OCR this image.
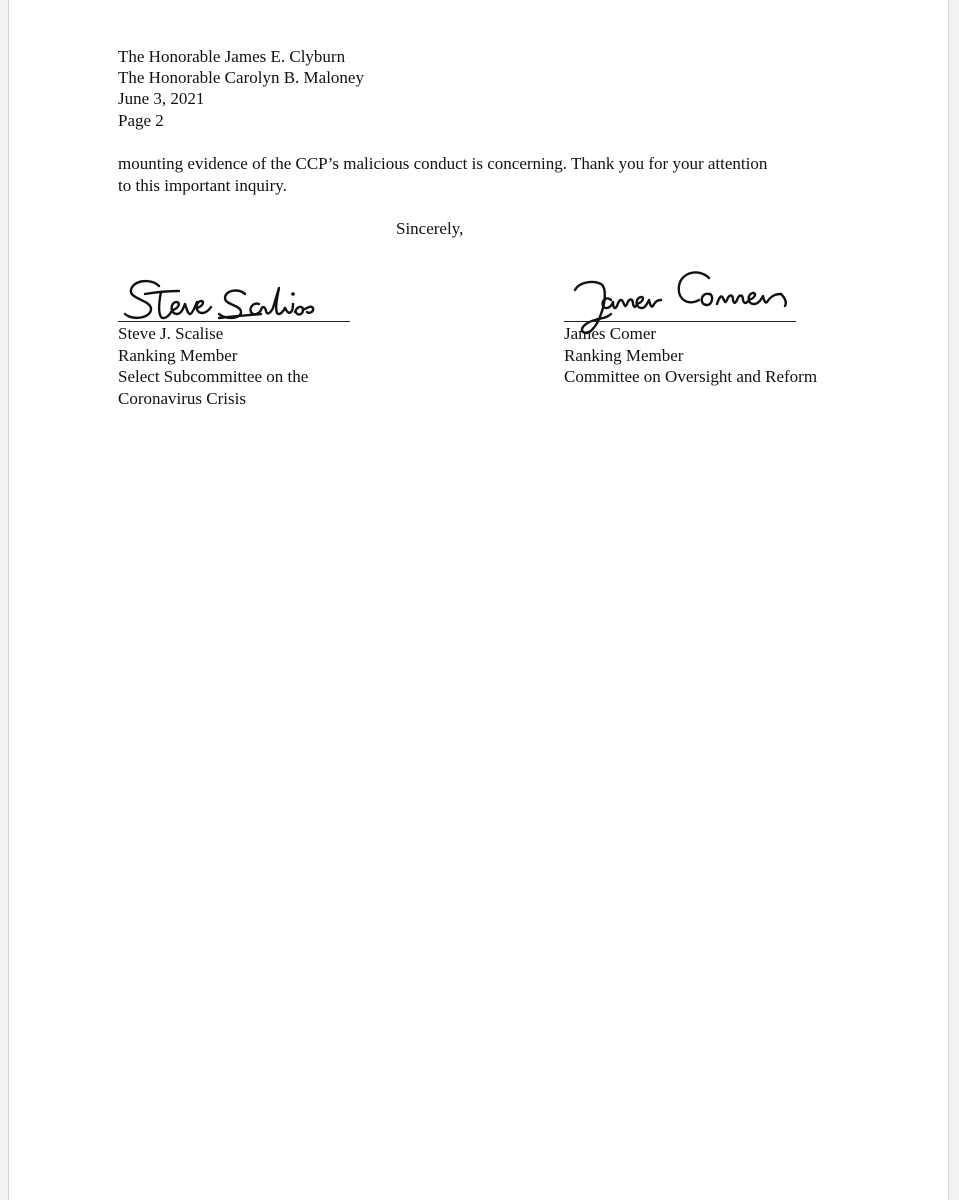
The Honorable James E. Clyburn
The Honorable Carolyn B. Maloney
June 3, 2021
Page 2
mounting evidence of the CCP’s malicious conduct is concerning. Thank you for your attention
to this important inquiry.
Sincerely,
Steve J. Scalise
Ranking Member
Select Subcommittee on the
Coronavirus Crisis
James Comer
Ranking Member
Committee on Oversight and Reform
